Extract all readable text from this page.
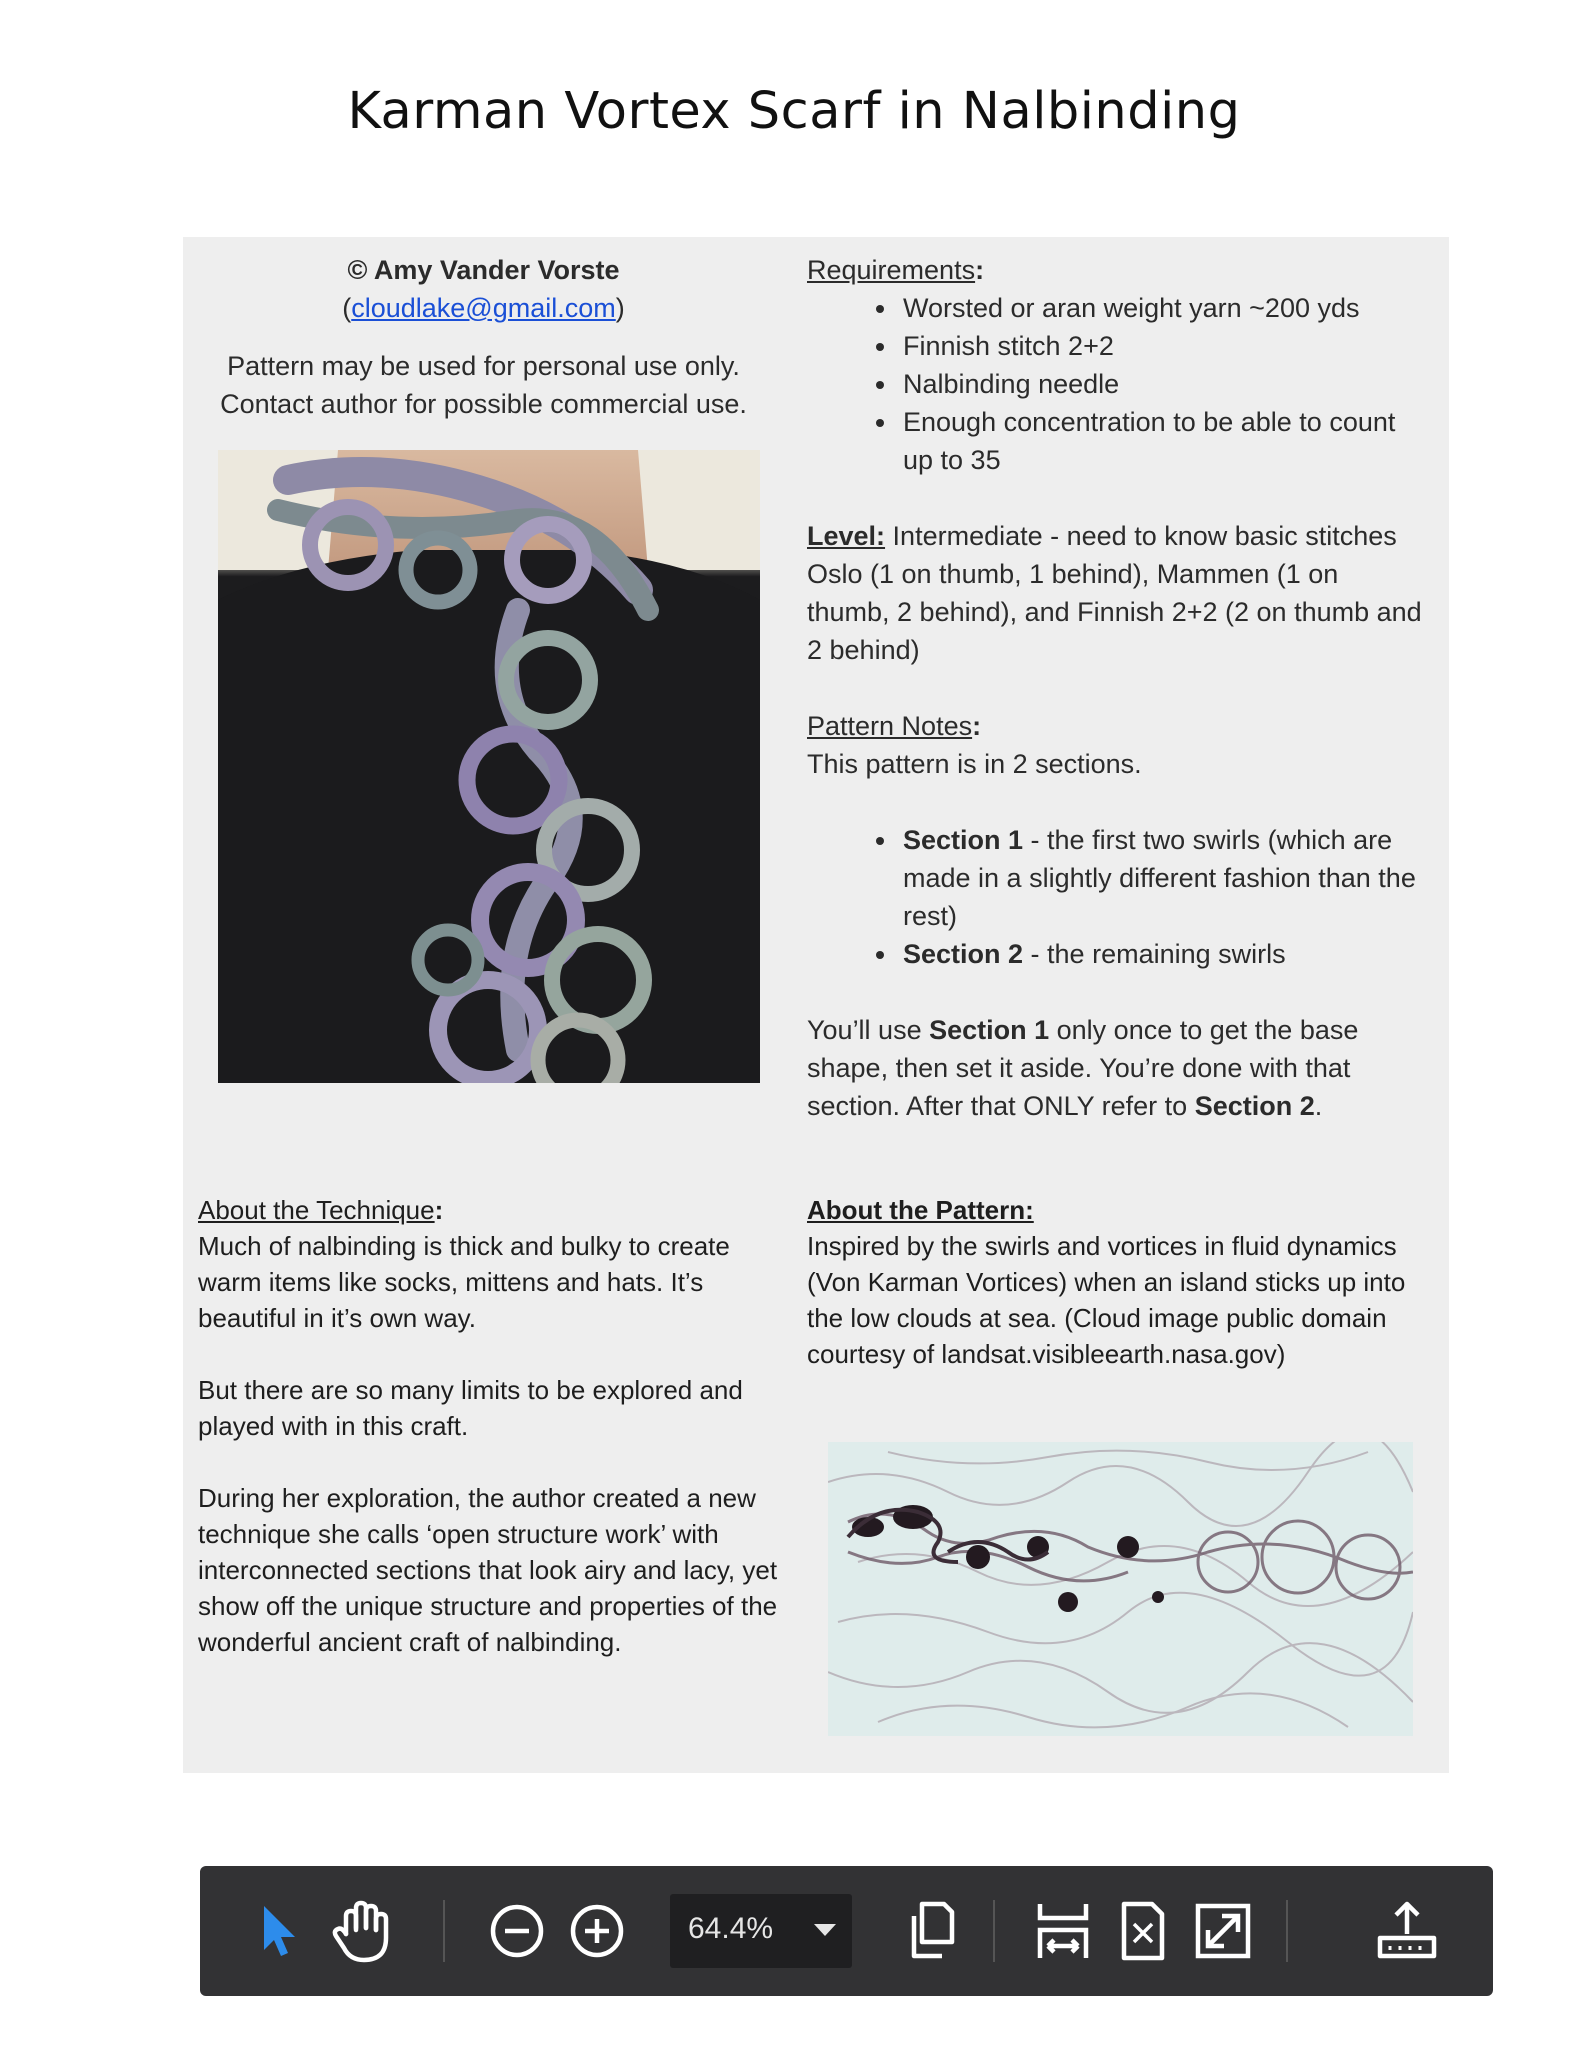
Karman Vortex Scarf in Nalbinding

© Amy Vander Vorste

(cloudlake@gmail.com)

Pattern may be used for personal use only.

Contact author for possible commercial use.

Requirements:

• Worsted or aran weight yarn ~200 yds
• Finnish stitch 2+2
• Nalbinding needle
• Enough concentration to be able to count up to 35

Level: Intermediate - need to know basic stitches Oslo (1 on thumb, 1 behind), Mammen (1 on thumb, 2 behind), and Finnish 2+2 (2 on thumb and 2 behind)

Pattern Notes:

This pattern is in 2 sections.

• Section 1 - the first two swirls (which are made in a slightly different fashion than the rest)
• Section 2 - the remaining swirls

You’ll use Section 1 only once to get the base shape, then set it aside. You’re done with that section. After that ONLY refer to Section 2.

About the Technique:

Much of nalbinding is thick and bulky to create warm items like socks, mittens and hats. It’s beautiful in it’s own way.

But there are so many limits to be explored and played with in this craft.

During her exploration, the author created a new technique she calls ‘open structure work’ with interconnected sections that look airy and lacy, yet show off the unique structure and properties of the wonderful ancient craft of nalbinding.

About the Pattern:

Inspired by the swirls and vortices in fluid dynamics (Von Karman Vortices) when an island sticks up into the low clouds at sea. (Cloud image public domain courtesy of landsat.visibleearth.nasa.gov)

64.4%
